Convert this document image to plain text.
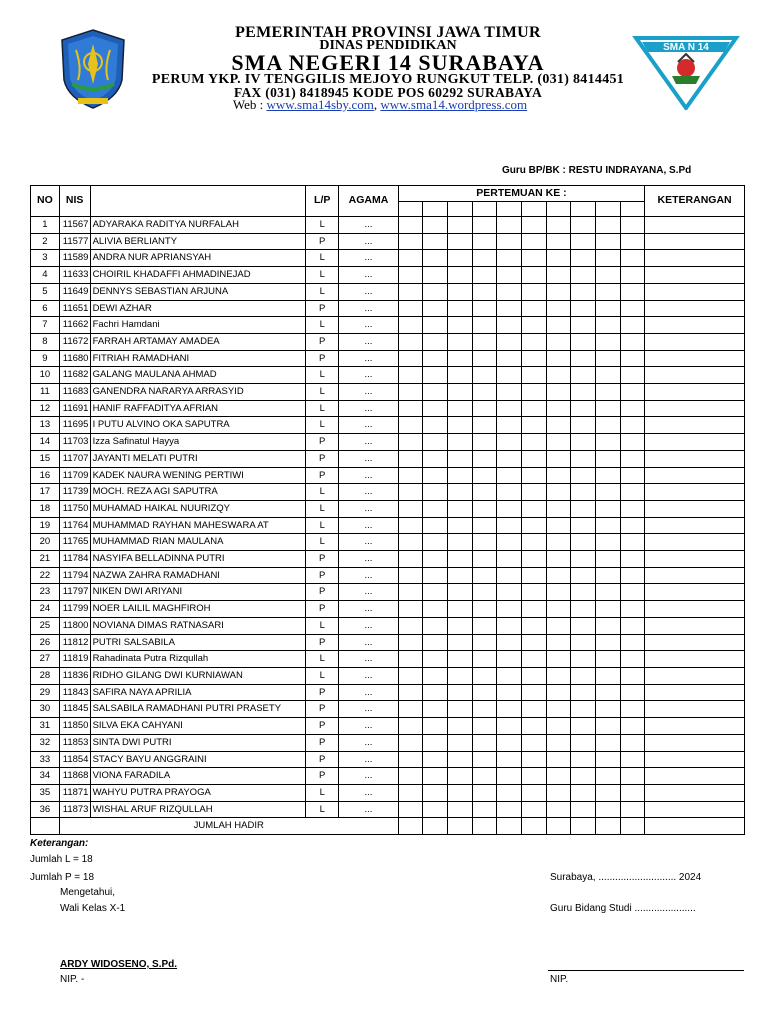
PEMERINTAH PROVINSI JAWA TIMUR
DINAS PENDIDIKAN
SMA NEGERI 14 SURABAYA
PERUM YKP. IV TENGGILIS MEJOYO RUNGKUT TELP. (031) 8414451
FAX (031) 8418945 KODE POS 60292 SURABAYA
Web : www.sma14sby.com, www.sma14.wordpress.com
SMA N 14
Guru BP/BK : RESTU INDRAYANA, S.Pd
NO	NIS		L/P	AGAMA	PERTEMUAN KE :										KETERANGAN

1	11567	ADYARAKA RADITYA NURFALAH	L	...											
2	11577	ALIVIA BERLIANTY	P	...											
3	11589	ANDRA NUR APRIANSYAH	L	...											
4	11633	CHOIRIL KHADAFFI AHMADINEJAD	L	...											
5	11649	DENNYS SEBASTIAN ARJUNA	L	...											
6	11651	DEWI AZHAR	P	...											
7	11662	Fachri Hamdani	L	...											
8	11672	FARRAH ARTAMAY AMADEA	P	...											
9	11680	FITRIAH RAMADHANI	P	...											
10	11682	GALANG MAULANA AHMAD	L	...											
11	11683	GANENDRA NARARYA ARRASYID	L	...											
12	11691	HANIF RAFFADITYA AFRIAN	L	...											
13	11695	I PUTU ALVINO OKA SAPUTRA	L	...											
14	11703	Izza Safinatul Hayya	P	...											
15	11707	JAYANTI MELATI PUTRI	P	...											
16	11709	KADEK NAURA WENING PERTIWI	P	...											
17	11739	MOCH. REZA AGI SAPUTRA	L	...											
18	11750	MUHAMAD HAIKAL NUURIZQY	L	...											
19	11764	MUHAMMAD RAYHAN MAHESWARA AT	L	...											
20	11765	MUHAMMAD RIAN MAULANA	L	...											
21	11784	NASYIFA BELLADINNA PUTRI	P	...											
22	11794	NAZWA ZAHRA RAMADHANI	P	...											
23	11797	NIKEN DWI ARIYANI	P	...											
24	11799	NOER LAILIL MAGHFIROH	P	...											
25	11800	NOVIANA DIMAS RATNASARI	L	...											
26	11812	PUTRI SALSABILA	P	...											
27	11819	Rahadinata Putra Rizqullah	L	...											
28	11836	RIDHO GILANG DWI KURNIAWAN	L	...											
29	11843	SAFIRA NAYA APRILIA	P	...											
30	11845	SALSABILA RAMADHANI PUTRI PRASETY	P	...											
31	11850	SILVA EKA CAHYANI	P	...											
32	11853	SINTA DWI PUTRI	P	...											
33	11854	STACY BAYU ANGGRAINI	P	...											
34	11868	VIONA FARADILA	P	...											
35	11871	WAHYU PUTRA PRAYOGA	L	...											
36	11873	WISHAL ARUF RIZQULLAH	L	...											
	JUMLAH HADIR														
Keterangan:
Jumlah L = 18
Jumlah P = 18
Mengetahui,
Wali Kelas X-1
ARDY WIDOSENO, S.Pd.
NIP. -
Surabaya, ............................ 2024
Guru Bidang Studi ......................
NIP.
